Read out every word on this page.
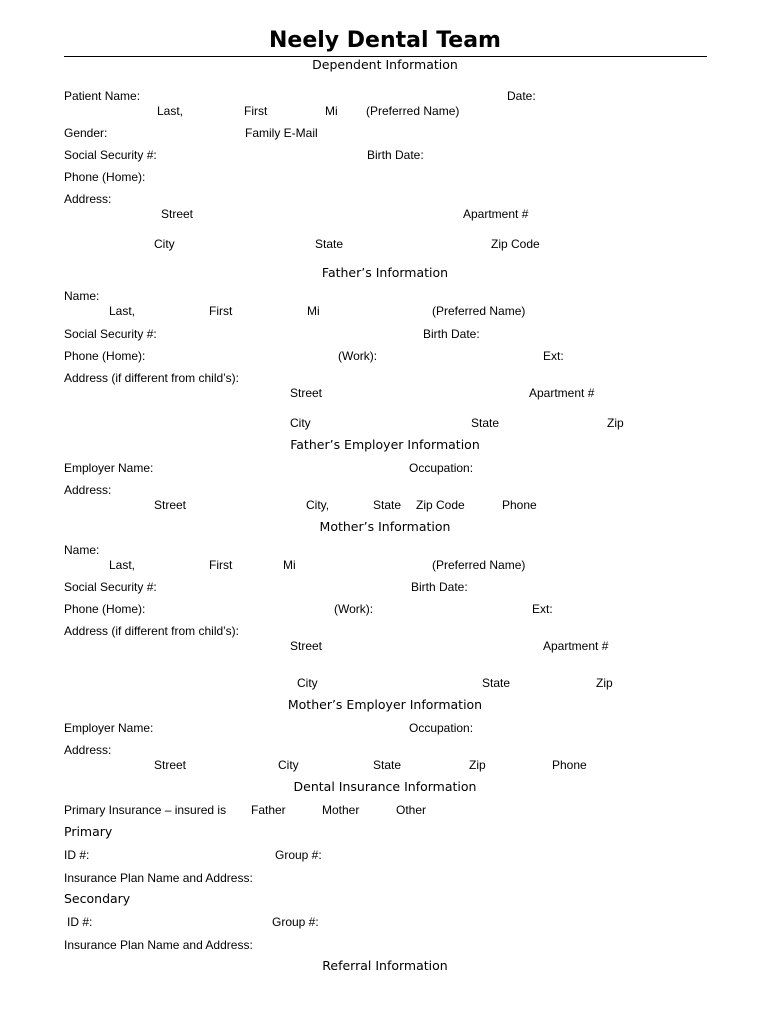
Neely Dental Team
Dependent Information
Patient Name:	Date:
Last,	First	Mi (Preferred Name)
Gender:	Family E-Mail
Social Security #:	Birth Date:
Phone (Home):
Address:
Street	Apartment #
City	State	Zip Code
Father’s Information
Name:
Last,	First	Mi	(Preferred Name)
Social Security #:	Birth Date:
Phone (Home):	(Work):	Ext:
Address (if different from child’s):
Street	Apartment #
City	State	Zip
Father’s Employer Information
Employer Name:	Occupation:
Address:
Street	City,	State Zip Code	Phone
Mother’s Information
Name:
Last,	First	Mi	(Preferred Name)
Social Security #:	Birth Date:
Phone (Home):	(Work):	Ext:
Address (if different from child’s):
Street	Apartment #
City	State	Zip
Mother’s Employer Information
Employer Name:	Occupation:
Address:
Street	City	State	Zip	Phone
Dental Insurance Information
Primary Insurance – insured is Father	Mother	Other
Primary
ID #:	Group #:
Insurance Plan Name and Address:
Secondary
ID #:	Group #:
Insurance Plan Name and Address:
Referral Information
